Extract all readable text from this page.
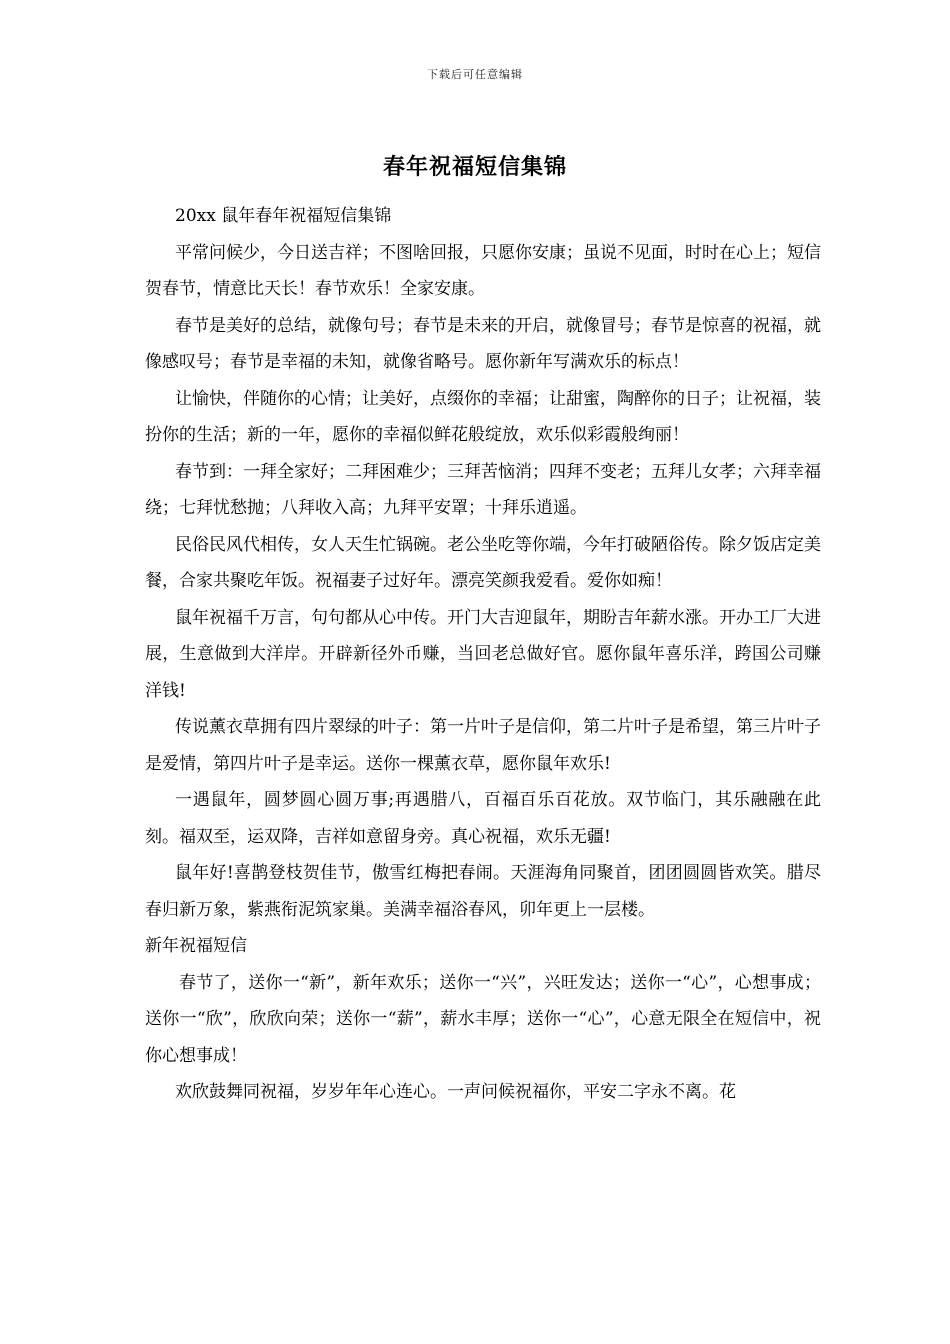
下载后可任意编辑
春年祝福短信集锦

20xx 鼠年春年祝福短信集锦

平常问候少，今日送吉祥；不图啥回报，只愿你安康；虽说不见面，时时在心上；短信贺春节，情意比天长！春节欢乐！全家安康。

春节是美好的总结，就像句号；春节是未来的开启，就像冒号；春节是惊喜的祝福，就像感叹号；春节是幸福的未知，就像省略号。愿你新年写满欢乐的标点！

让愉快，伴随你的心情；让美好，点缀你的幸福；让甜蜜，陶醉你的日子；让祝福，装扮你的生活；新的一年，愿你的幸福似鲜花般绽放，欢乐似彩霞般绚丽！

春节到：一拜全家好；二拜困难少；三拜苦恼消；四拜不变老；五拜儿女孝；六拜幸福绕；七拜忧愁抛；八拜收入高；九拜平安罩；十拜乐逍遥。

民俗民风代相传，女人天生忙锅碗。老公坐吃等你端，今年打破陋俗传。除夕饭店定美餐，合家共聚吃年饭。祝福妻子过好年。漂亮笑颜我爱看。爱你如痴！

鼠年祝福千万言，句句都从心中传。开门大吉迎鼠年，期盼吉年薪水涨。开办工厂大进展，生意做到大洋岸。开辟新径外币赚，当回老总做好官。愿你鼠年喜乐洋，跨国公司赚洋钱!

传说薰衣草拥有四片翠绿的叶子：第一片叶子是信仰，第二片叶子是希望，第三片叶子是爱情，第四片叶子是幸运。送你一棵薰衣草，愿你鼠年欢乐!

一遇鼠年，圆梦圆心圆万事;再遇腊八，百福百乐百花放。双节临门，其乐融融在此刻。福双至，运双降，吉祥如意留身旁。真心祝福，欢乐无疆!

鼠年好!喜鹊登枝贺佳节，傲雪红梅把春闹。天涯海角同聚首，团团圆圆皆欢笑。腊尽春归新万象，紫燕衔泥筑家巢。美满幸福浴春风，卯年更上一层楼。

新年祝福短信

春节了，送你一“新”，新年欢乐；送你一“兴”，兴旺发达；送你一“心”，心想事成；送你一“欣”，欣欣向荣；送你一“薪”，薪水丰厚；送你一“心”，心意无限全在短信中，祝你心想事成！

欢欣鼓舞同祝福，岁岁年年心连心。一声问候祝福你，平安二字永不离。花
